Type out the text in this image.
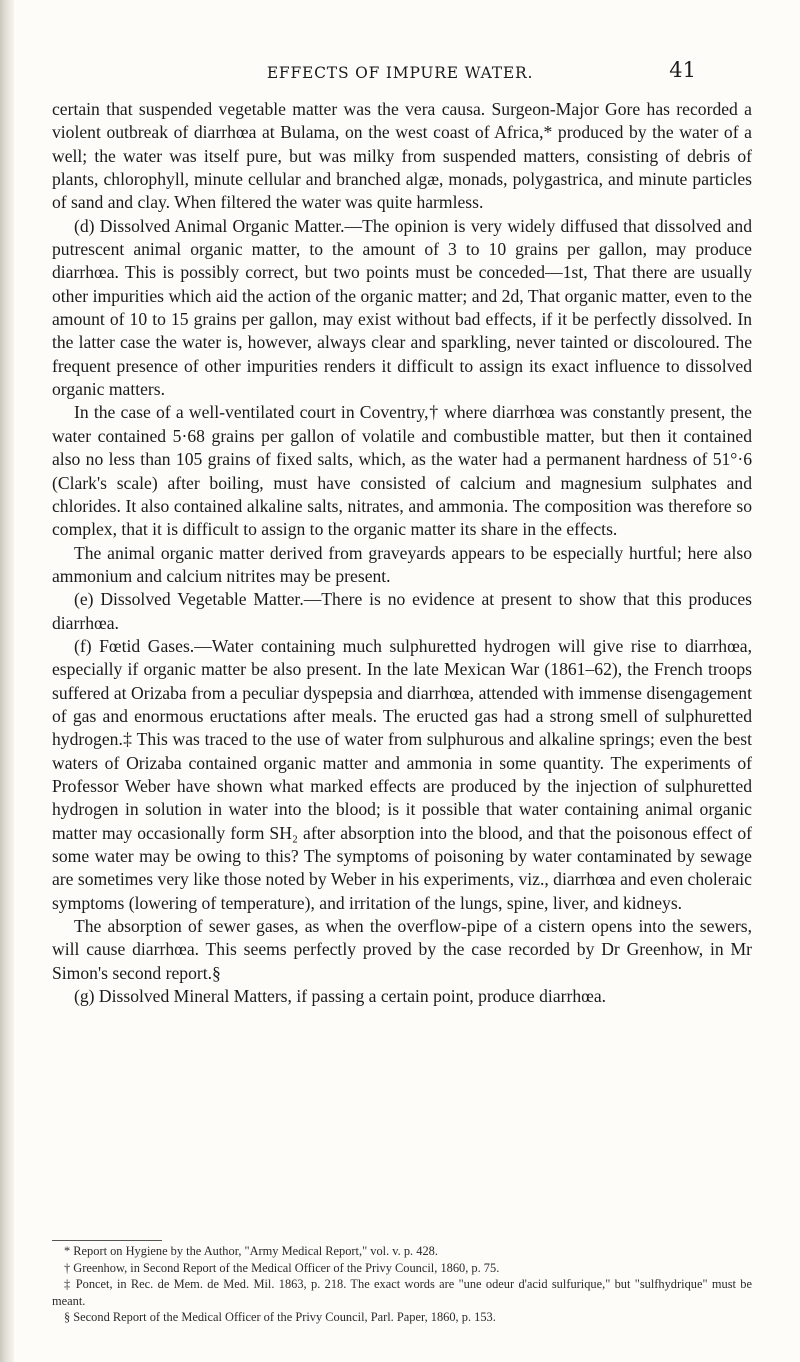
EFFECTS OF IMPURE WATER.	41

certain that suspended vegetable matter was the vera causa. Surgeon-Major Gore has recorded a violent outbreak of diarrhœa at Bulama, on the west coast of Africa,* produced by the water of a well; the water was itself pure, but was milky from suspended matters, consisting of debris of plants, chlorophyll, minute cellular and branched algæ, monads, polygastrica, and minute particles of sand and clay. When filtered the water was quite harmless.

(d) Dissolved Animal Organic Matter.—The opinion is very widely diffused that dissolved and putrescent animal organic matter, to the amount of 3 to 10 grains per gallon, may produce diarrhœa. This is possibly correct, but two points must be conceded—1st, That there are usually other impurities which aid the action of the organic matter; and 2d, That organic matter, even to the amount of 10 to 15 grains per gallon, may exist without bad effects, if it be perfectly dissolved. In the latter case the water is, however, always clear and sparkling, never tainted or discoloured. The frequent presence of other impurities renders it difficult to assign its exact influence to dissolved organic matters.

In the case of a well-ventilated court in Coventry,† where diarrhœa was constantly present, the water contained 5·68 grains per gallon of volatile and combustible matter, but then it contained also no less than 105 grains of fixed salts, which, as the water had a permanent hardness of 51°·6 (Clark's scale) after boiling, must have consisted of calcium and magnesium sulphates and chlorides. It also contained alkaline salts, nitrates, and ammonia. The composition was therefore so complex, that it is difficult to assign to the organic matter its share in the effects.

The animal organic matter derived from graveyards appears to be especially hurtful; here also ammonium and calcium nitrites may be present.

(e) Dissolved Vegetable Matter.—There is no evidence at present to show that this produces diarrhœa.

(f) Fœtid Gases.—Water containing much sulphuretted hydrogen will give rise to diarrhœa, especially if organic matter be also present. In the late Mexican War (1861–62), the French troops suffered at Orizaba from a peculiar dyspepsia and diarrhœa, attended with immense disengagement of gas and enormous eructations after meals. The eructed gas had a strong smell of sulphuretted hydrogen.‡ This was traced to the use of water from sulphurous and alkaline springs; even the best waters of Orizaba contained organic matter and ammonia in some quantity. The experiments of Professor Weber have shown what marked effects are produced by the injection of sulphuretted hydrogen in solution in water into the blood; is it possible that water containing animal organic matter may occasionally form SH₂ after absorption into the blood, and that the poisonous effect of some water may be owing to this? The symptoms of poisoning by water contaminated by sewage are sometimes very like those noted by Weber in his experiments, viz., diarrhœa and even choleraic symptoms (lowering of temperature), and irritation of the lungs, spine, liver, and kidneys.

The absorption of sewer gases, as when the overflow-pipe of a cistern opens into the sewers, will cause diarrhœa. This seems perfectly proved by the case recorded by Dr Greenhow, in Mr Simon's second report.§

(g) Dissolved Mineral Matters, if passing a certain point, produce diarrhœa.

* Report on Hygiene by the Author, "Army Medical Report," vol. v. p. 428.

† Greenhow, in Second Report of the Medical Officer of the Privy Council, 1860, p. 75.

‡ Poncet, in Rec. de Mem. de Med. Mil. 1863, p. 218. The exact words are "une odeur d'acid sulfurique," but "sulfhydrique" must be meant.

§ Second Report of the Medical Officer of the Privy Council, Parl. Paper, 1860, p. 153.
